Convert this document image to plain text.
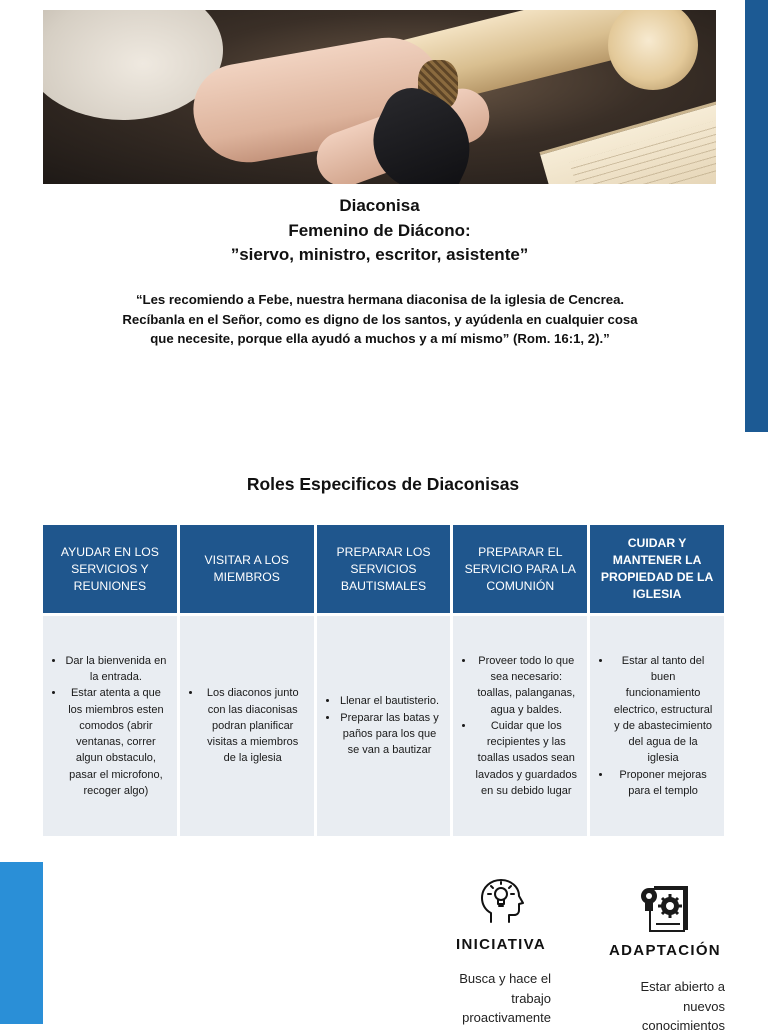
Diaconisa
Femenino de Diácono:
”siervo, ministro, escritor, asistente”
“Les recomiendo a Febe, nuestra hermana diaconisa de la iglesia de Cencrea. Recíbanla en el Señor, como es digno de los santos, y ayúdenla en cualquier cosa que necesite, porque ella ayudó a muchos y a mí mismo” (Rom. 16:1, 2).”
Roles Especificos de Diaconisas
AYUDAR EN LOS SERVICIOS Y REUNIONES
• Dar la bienvenida en la entrada.
• Estar atenta a que los miembros esten comodos (abrir ventanas, correr algun obstaculo, pasar el microfono, recoger algo)
VISITAR A LOS MIEMBROS
• Los diaconos junto con las diaconisas podran planificar visitas a miembros de la iglesia
PREPARAR LOS SERVICIOS BAUTISMALES
• Llenar el bautisterio.
• Preparar las batas y paños para los que se van a bautizar
PREPARAR EL SERVICIO PARA LA COMUNIÓN
• Proveer todo lo que sea necesario: toallas, palanganas, agua y baldes.
• Cuidar que los recipientes y las toallas usados sean lavados y guardados en su debido lugar
CUIDAR Y MANTENER LA PROPIEDAD DE LA IGLESIA
• Estar al tanto del buen funcionamiento electrico, estructural y de abastecimiento del agua de la iglesia
• Proponer mejoras para el templo
INICIATIVA
Busca y hace el trabajo proactivamente
ADAPTACIÓN
Estar abierto a nuevos conocimientos
